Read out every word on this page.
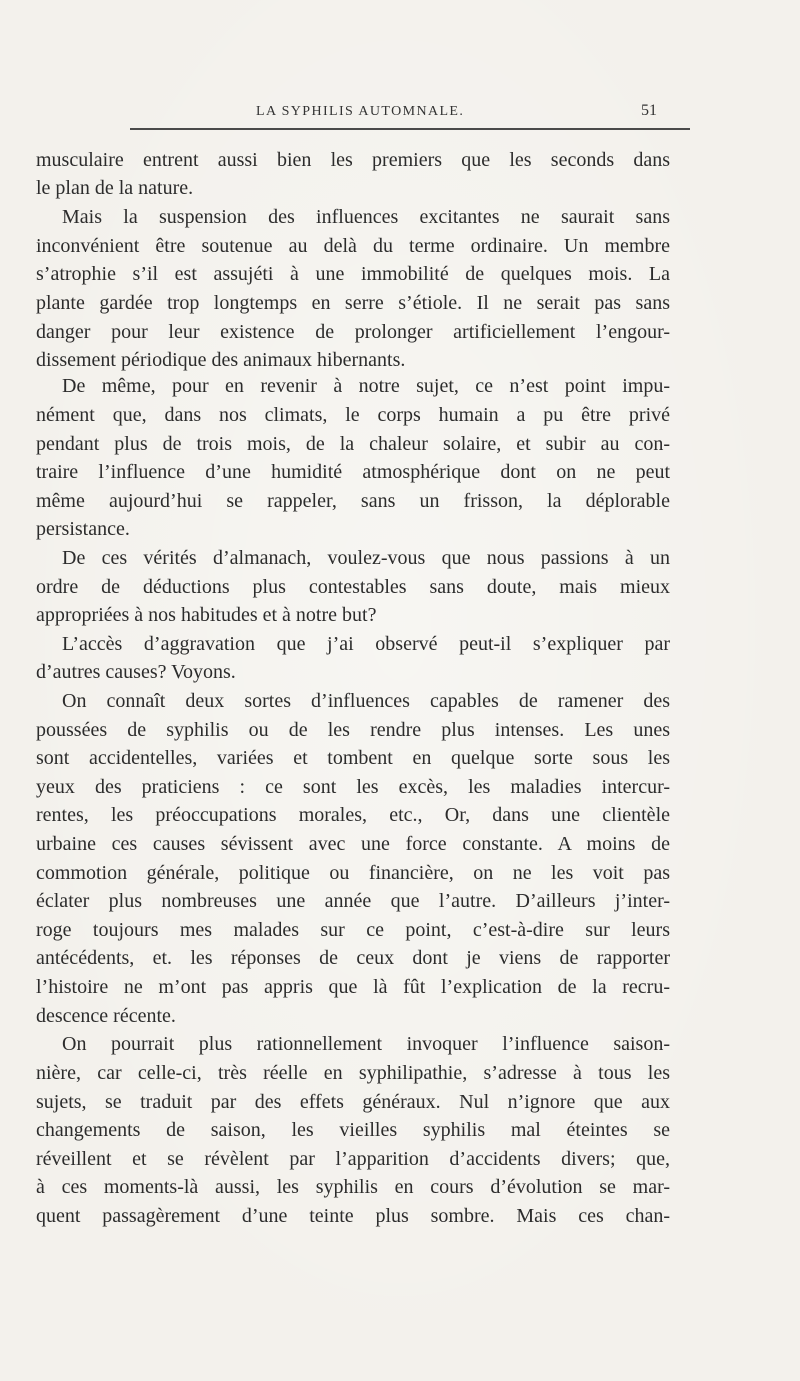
LA SYPHILIS AUTOMNALE.	51
musculaire entrent aussi bien les premiers que les seconds dans
le plan de la nature.
Mais la suspension des influences excitantes ne saurait sans
inconvénient être soutenue au delà du terme ordinaire. Un membre
s’atrophie s’il est assujéti à une immobilité de quelques mois. La
plante gardée trop longtemps en serre s’étiole. Il ne serait pas sans
danger pour leur existence de prolonger artificiellement l’engour-
dissement périodique des animaux hibernants.
De même, pour en revenir à notre sujet, ce n’est point impu-
nément que, dans nos climats, le corps humain a pu être privé
pendant plus de trois mois, de la chaleur solaire, et subir au con-
traire l’influence d’une humidité atmosphérique dont on ne peut
même aujourd’hui se rappeler, sans un frisson, la déplorable
persistance.
De ces vérités d’almanach, voulez-vous que nous passions à un
ordre de déductions plus contestables sans doute, mais mieux
appropriées à nos habitudes et à notre but?
L’accès d’aggravation que j’ai observé peut-il s’expliquer par
d’autres causes? Voyons.
On connaît deux sortes d’influences capables de ramener des
poussées de syphilis ou de les rendre plus intenses. Les unes
sont accidentelles, variées et tombent en quelque sorte sous les
yeux des praticiens : ce sont les excès, les maladies intercur-
rentes, les préoccupations morales, etc., Or, dans une clientèle
urbaine ces causes sévissent avec une force constante. A moins de
commotion générale, politique ou financière, on ne les voit pas
éclater plus nombreuses une année que l’autre. D’ailleurs j’inter-
roge toujours mes malades sur ce point, c’est-à-dire sur leurs
antécédents, et. les réponses de ceux dont je viens de rapporter
l’histoire ne m’ont pas appris que là fût l’explication de la recru-
descence récente.
On pourrait plus rationnellement invoquer l’influence saison-
nière, car celle-ci, très réelle en syphilipathie, s’adresse à tous les
sujets, se traduit par des effets généraux. Nul n’ignore que aux
changements de saison, les vieilles syphilis mal éteintes se
réveillent et se révèlent par l’apparition d’accidents divers; que,
à ces moments-là aussi, les syphilis en cours d’évolution se mar-
quent passagèrement d’une teinte plus sombre. Mais ces chan-
